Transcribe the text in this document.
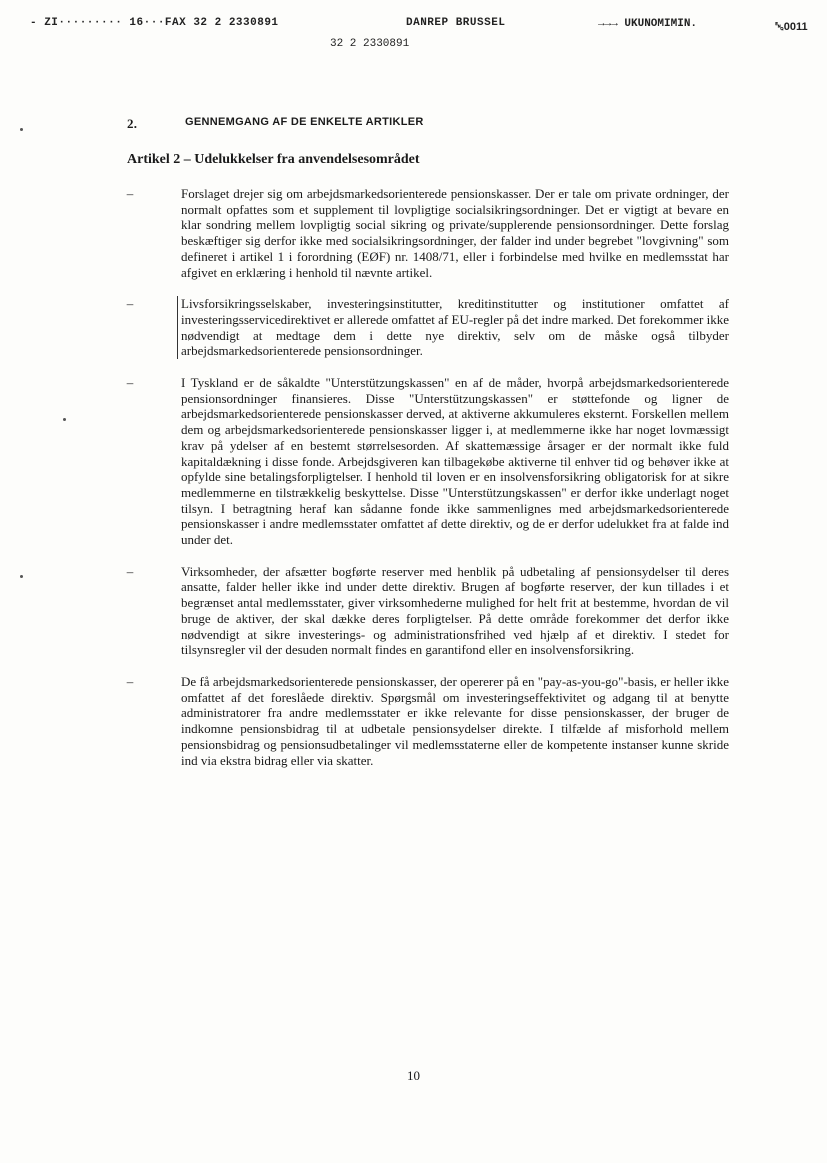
- ZI········· 16···FAX 32 2 2330891	DANREP BRUSSEL	→→→ UKUNOMIMIN.	␅0011
32 2 2330891
2.	GENNEMGANG AF DE ENKELTE ARTIKLER
Artikel 2 – Udelukkelser fra anvendelsesområdet
–	Forslaget drejer sig om arbejdsmarkedsorienterede pensionskasser. Der er tale om private ordninger, der normalt opfattes som et supplement til lovpligtige socialsikringsordninger. Det er vigtigt at bevare en klar sondring mellem lovpligtig social sikring og private/supplerende pensionsordninger. Dette forslag beskæftiger sig derfor ikke med socialsikringsordninger, der falder ind under begrebet "lovgivning" som defineret i artikel 1 i forordning (EØF) nr. 1408/71, eller i forbindelse med hvilke en medlemsstat har afgivet en erklæring i henhold til nævnte artikel.
–	Livsforsikringsselskaber, investeringsinstitutter, kreditinstitutter og institutioner omfattet af investeringsservicedirektivet er allerede omfattet af EU-regler på det indre marked. Det forekommer ikke nødvendigt at medtage dem i dette nye direktiv, selv om de måske også tilbyder arbejdsmarkedsorienterede pensionsordninger.
–	I Tyskland er de såkaldte "Unterstützungskassen" en af de måder, hvorpå arbejdsmarkedsorienterede pensionsordninger finansieres. Disse "Unterstützungskassen" er støttefonde og ligner de arbejdsmarkedsorienterede pensionskasser derved, at aktiverne akkumuleres eksternt. Forskellen mellem dem og arbejdsmarkedsorienterede pensionskasser ligger i, at medlemmerne ikke har noget lovmæssigt krav på ydelser af en bestemt størrelsesorden. Af skattemæssige årsager er der normalt ikke fuld kapitaldækning i disse fonde. Arbejdsgiveren kan tilbagekøbe aktiverne til enhver tid og behøver ikke at opfylde sine betalingsforpligtelser. I henhold til loven er en insolvensforsikring obligatorisk for at sikre medlemmerne en tilstrækkelig beskyttelse. Disse "Unterstützungskassen" er derfor ikke underlagt noget tilsyn. I betragtning heraf kan sådanne fonde ikke sammenlignes med arbejdsmarkedsorienterede pensionskasser i andre medlemsstater omfattet af dette direktiv, og de er derfor udelukket fra at falde ind under det.
–	Virksomheder, der afsætter bogførte reserver med henblik på udbetaling af pensionsydelser til deres ansatte, falder heller ikke ind under dette direktiv. Brugen af bogførte reserver, der kun tillades i et begrænset antal medlemsstater, giver virksomhederne mulighed for helt frit at bestemme, hvordan de vil bruge de aktiver, der skal dække deres forpligtelser. På dette område forekommer det derfor ikke nødvendigt at sikre investerings- og administrationsfrihed ved hjælp af et direktiv. I stedet for tilsynsregler vil der desuden normalt findes en garantifond eller en insolvensforsikring.
–	De få arbejdsmarkedsorienterede pensionskasser, der opererer på en "pay-as-you-go"-basis, er heller ikke omfattet af det foreslåede direktiv. Spørgsmål om investeringseffektivitet og adgang til at benytte administratorer fra andre medlemsstater er ikke relevante for disse pensionskasser, der bruger de indkomne pensionsbidrag til at udbetale pensionsydelser direkte. I tilfælde af misforhold mellem pensionsbidrag og pensionsudbetalinger vil medlemsstaterne eller de kompetente instanser kunne skride ind via ekstra bidrag eller via skatter.
10
